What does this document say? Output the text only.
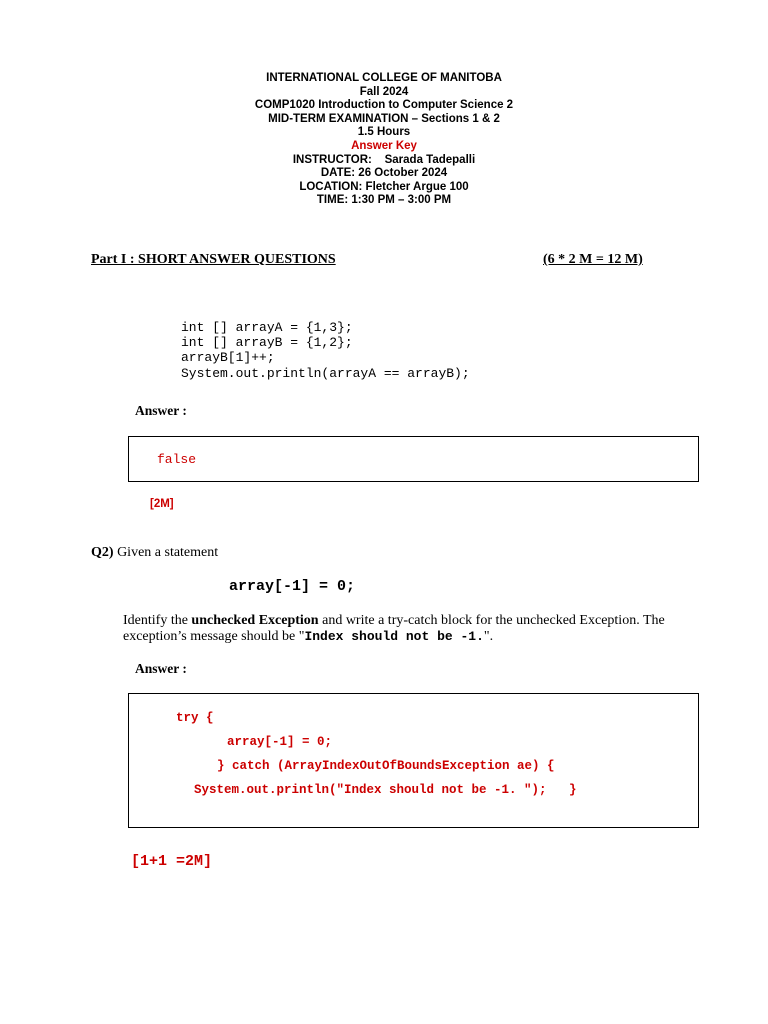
INTERNATIONAL COLLEGE OF MANITOBA
Fall 2024
COMP1020 Introduction to Computer Science 2
MID-TERM EXAMINATION – Sections 1 & 2
1.5 Hours
Answer Key
INSTRUCTOR:    Sarada Tadepalli
DATE: 26 October 2024
LOCATION: Fletcher Argue 100
TIME: 1:30 PM – 3:00 PM
Part I : SHORT ANSWER QUESTIONS	(6 * 2 M = 12 M)
int [] arrayA = {1,3};
int [] arrayB = {1,2};
arrayB[1]++;
System.out.println(arrayA == arrayB);
Answer :
false
[2M]
Q2) Given a statement
array[-1] = 0;
Identify the unchecked Exception and write a try-catch block for the unchecked Exception. The exception’s message should be "Index should not be -1.".
Answer :
try {
array[-1] = 0;
} catch (ArrayIndexOutOfBoundsException ae) {
System.out.println("Index should not be -1. ");   }
[1+1 =2M]
